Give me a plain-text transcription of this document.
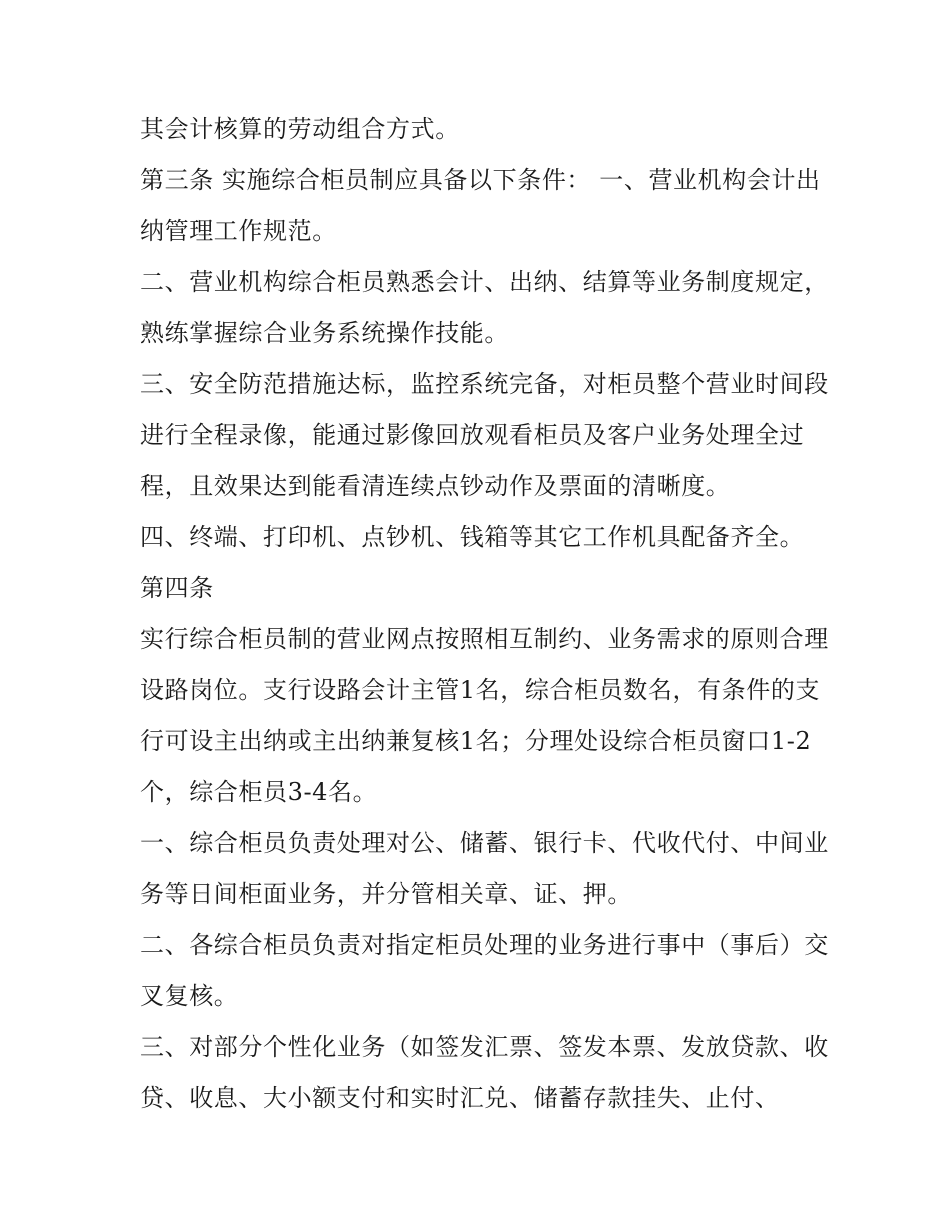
其会计核算的劳动组合方式。

第三条 实施综合柜员制应具备以下条件： 一、营业机构会计出纳管理工作规范。

二、营业机构综合柜员熟悉会计、出纳、结算等业务制度规定，熟练掌握综合业务系统操作技能。

三、安全防范措施达标，监控系统完备，对柜员整个营业时间段进行全程录像，能通过影像回放观看柜员及客户业务处理全过程，且效果达到能看清连续点钞动作及票面的清晰度。

四、终端、打印机、点钞机、钱箱等其它工作机具配备齐全。

第四条

实行综合柜员制的营业网点按照相互制约、业务需求的原则合理设路岗位。支行设路会计主管1名，综合柜员数名，有条件的支行可设主出纳或主出纳兼复核1名；分理处设综合柜员窗口1-2个，综合柜员3-4名。

一、综合柜员负责处理对公、储蓄、银行卡、代收代付、中间业务等日间柜面业务，并分管相关章、证、押。

二、各综合柜员负责对指定柜员处理的业务进行事中（事后）交叉复核。

三、对部分个性化业务（如签发汇票、签发本票、发放贷款、收贷、收息、大小额支付和实时汇兑、储蓄存款挂失、止付、
